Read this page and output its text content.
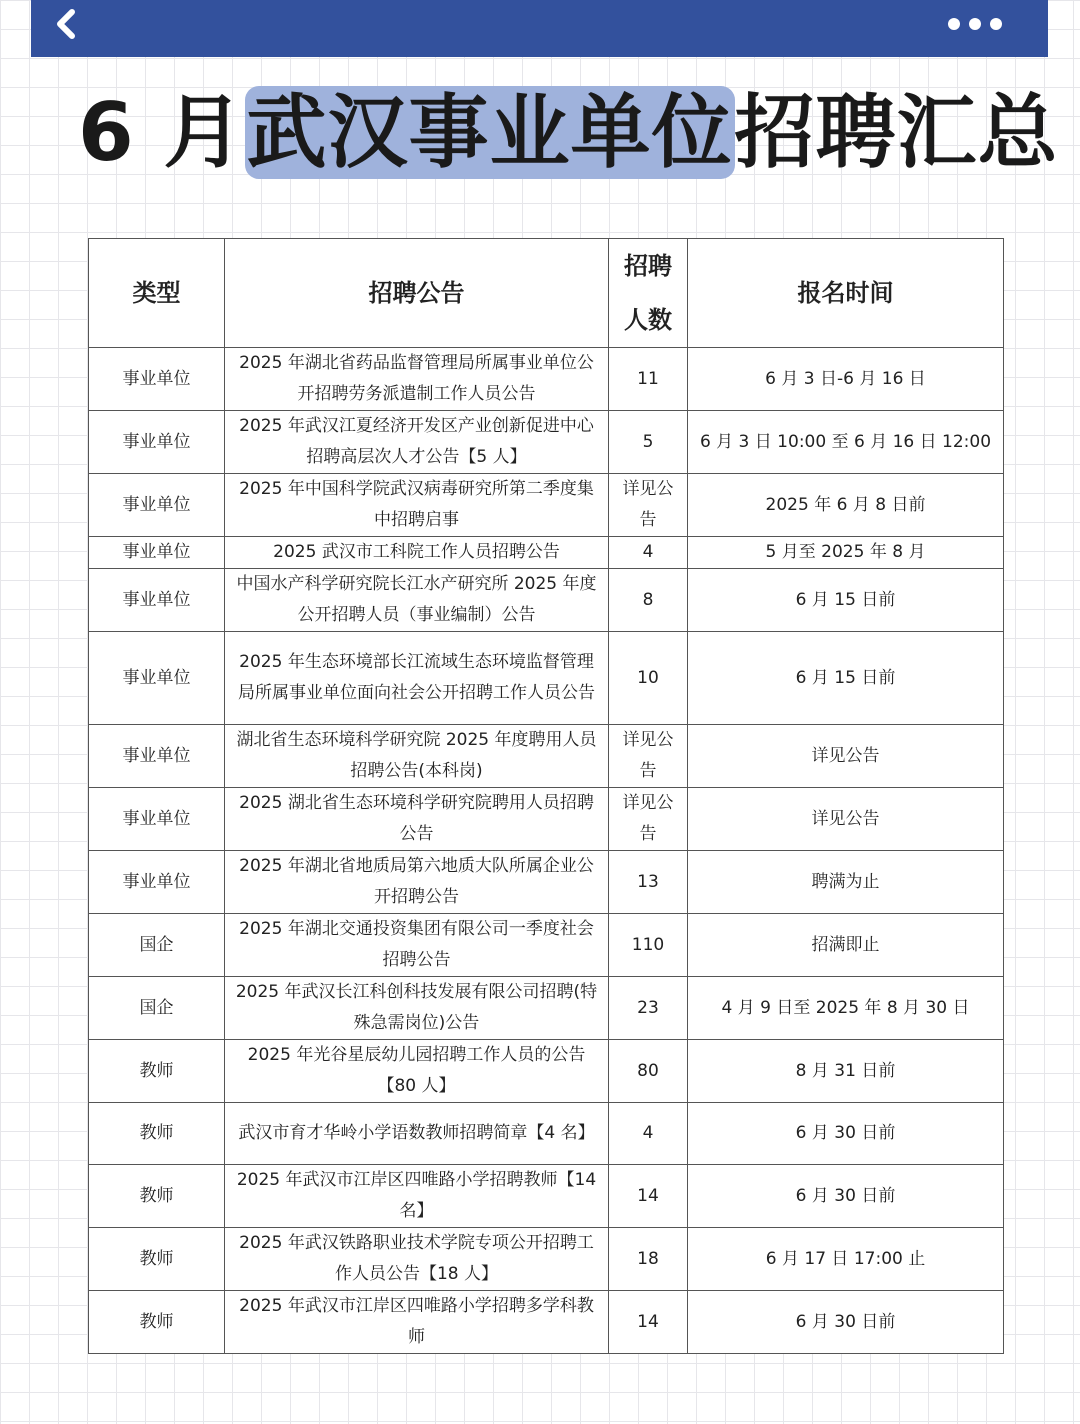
6 月武汉事业单位招聘汇总
类型	招聘公告	招聘人数	报名时间
事业单位	2025 年湖北省药品监督管理局所属事业单位公开招聘劳务派遣制工作人员公告	11	6 月 3 日-6 月 16 日
事业单位	2025 年武汉江夏经济开发区产业创新促进中心招聘高层次人才公告【5 人】	5	6 月 3 日 10:00 至 6 月 16 日 12:00
事业单位	2025 年中国科学院武汉病毒研究所第二季度集中招聘启事	详见公告	2025 年 6 月 8 日前
事业单位	2025 武汉市工科院工作人员招聘公告	4	5 月至 2025 年 8 月
事业单位	中国水产科学研究院长江水产研究所 2025 年度公开招聘人员（事业编制）公告	8	6 月 15 日前
事业单位	2025 年生态环境部长江流域生态环境监督管理局所属事业单位面向社会公开招聘工作人员公告	10	6 月 15 日前
事业单位	湖北省生态环境科学研究院 2025 年度聘用人员招聘公告(本科岗)	详见公告	详见公告
事业单位	2025 湖北省生态环境科学研究院聘用人员招聘公告	详见公告	详见公告
事业单位	2025 年湖北省地质局第六地质大队所属企业公开招聘公告	13	聘满为止
国企	2025 年湖北交通投资集团有限公司一季度社会招聘公告	110	招满即止
国企	2025 年武汉长江科创科技发展有限公司招聘(特殊急需岗位)公告	23	4 月 9 日至 2025 年 8 月 30 日
教师	2025 年光谷星辰幼儿园招聘工作人员的公告【80 人】	80	8 月 31 日前
教师	武汉市育才华岭小学语数教师招聘简章【4 名】	4	6 月 30 日前
教师	2025 年武汉市江岸区四唯路小学招聘教师【14 名】	14	6 月 30 日前
教师	2025 年武汉铁路职业技术学院专项公开招聘工作人员公告【18 人】	18	6 月 17 日 17:00 止
教师	2025 年武汉市江岸区四唯路小学招聘多学科教师	14	6 月 30 日前
